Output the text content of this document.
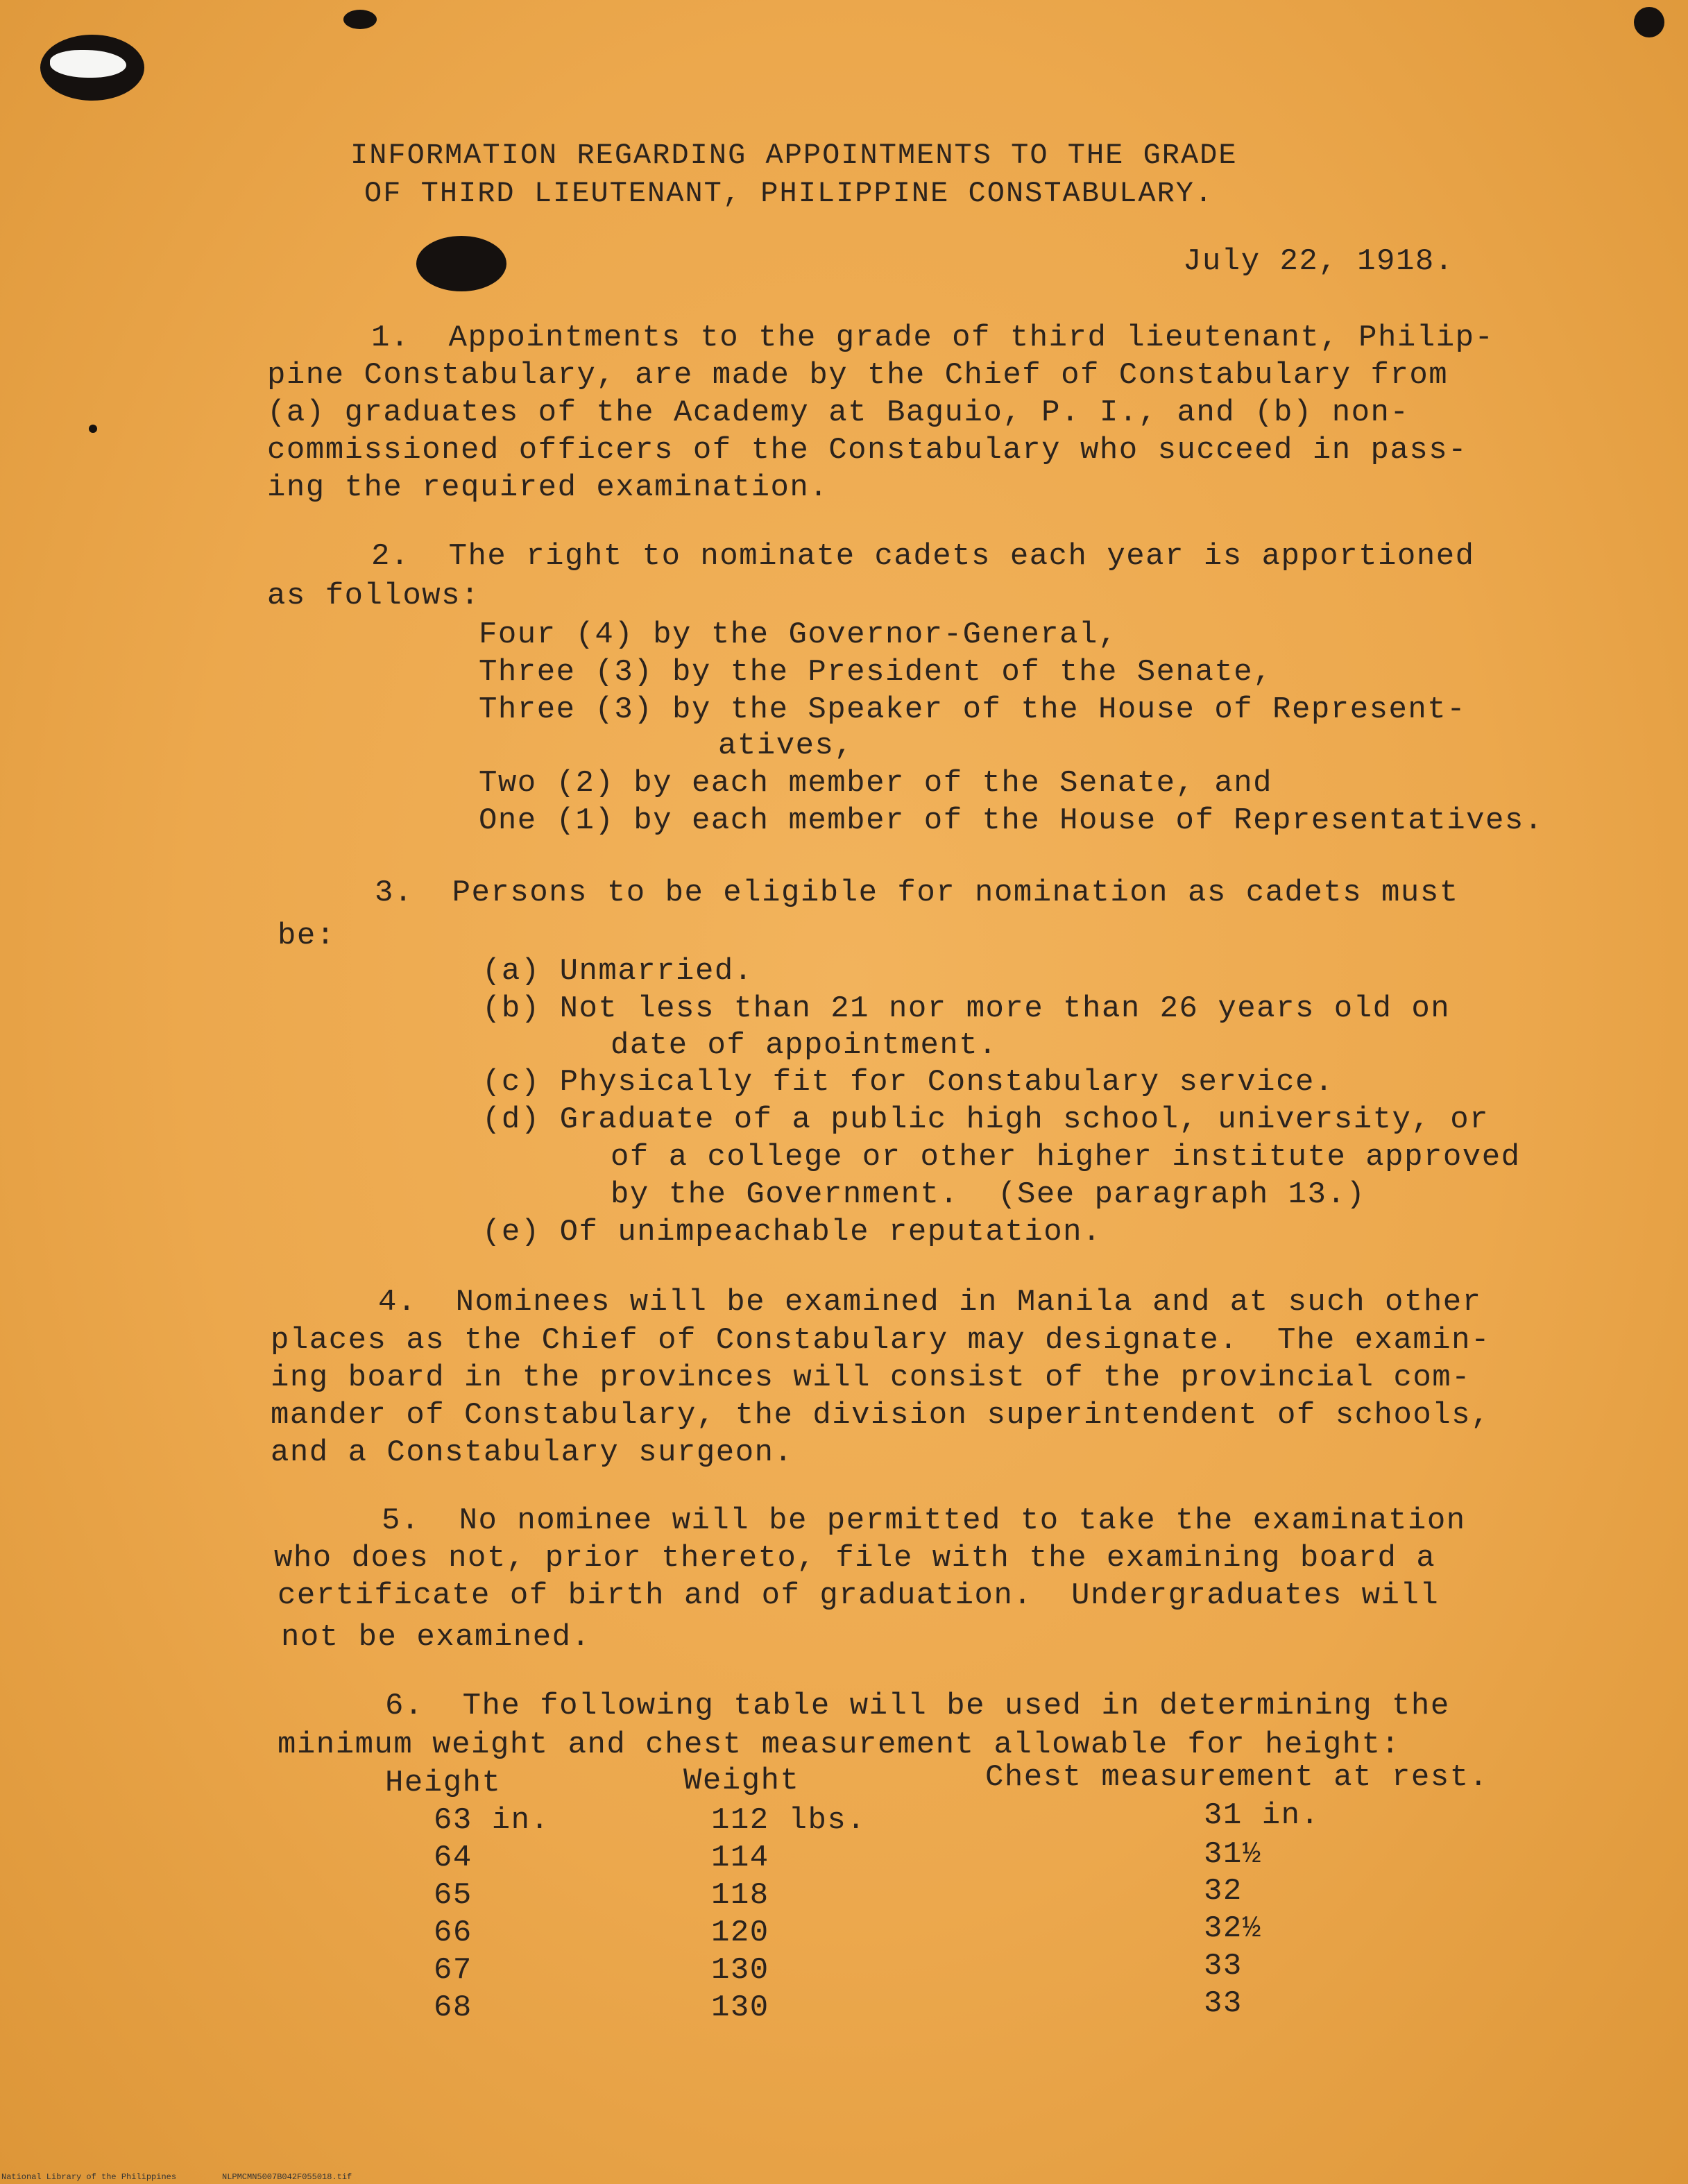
INFORMATION REGARDING APPOINTMENTS TO THE GRADE
OF THIRD LIEUTENANT, PHILIPPINE CONSTABULARY.
July 22, 1918.
1.  Appointments to the grade of third lieutenant, Philip-
pine Constabulary, are made by the Chief of Constabulary from
(a) graduates of the Academy at Baguio, P. I., and (b) non-
commissioned officers of the Constabulary who succeed in pass-
ing the required examination.
2.  The right to nominate cadets each year is apportioned
as follows:
Four (4) by the Governor-General,
Three (3) by the President of the Senate,
Three (3) by the Speaker of the House of Represent-
atives,
Two (2) by each member of the Senate, and
One (1) by each member of the House of Representatives.
3.  Persons to be eligible for nomination as cadets must
be:
(a) Unmarried.
(b) Not less than 21 nor more than 26 years old on
date of appointment.
(c) Physically fit for Constabulary service.
(d) Graduate of a public high school, university, or
of a college or other higher institute approved
by the Government.  (See paragraph 13.)
(e) Of unimpeachable reputation.
4.  Nominees will be examined in Manila and at such other
places as the Chief of Constabulary may designate.  The examin-
ing board in the provinces will consist of the provincial com-
mander of Constabulary, the division superintendent of schools,
and a Constabulary surgeon.
5.  No nominee will be permitted to take the examination
who does not, prior thereto, file with the examining board a
certificate of birth and of graduation.  Undergraduates will
not be examined.
6.  The following table will be used in determining the
minimum weight and chest measurement allowable for height:
Height	Weight	Chest measurement at rest.
63 in.	112 lbs.	31 in.
64	114	31½
65	118	32
66	120	32½
67	130	33
68	130	33
National Library of the Philippines	NLPMCMN5007B042F055018.tif
